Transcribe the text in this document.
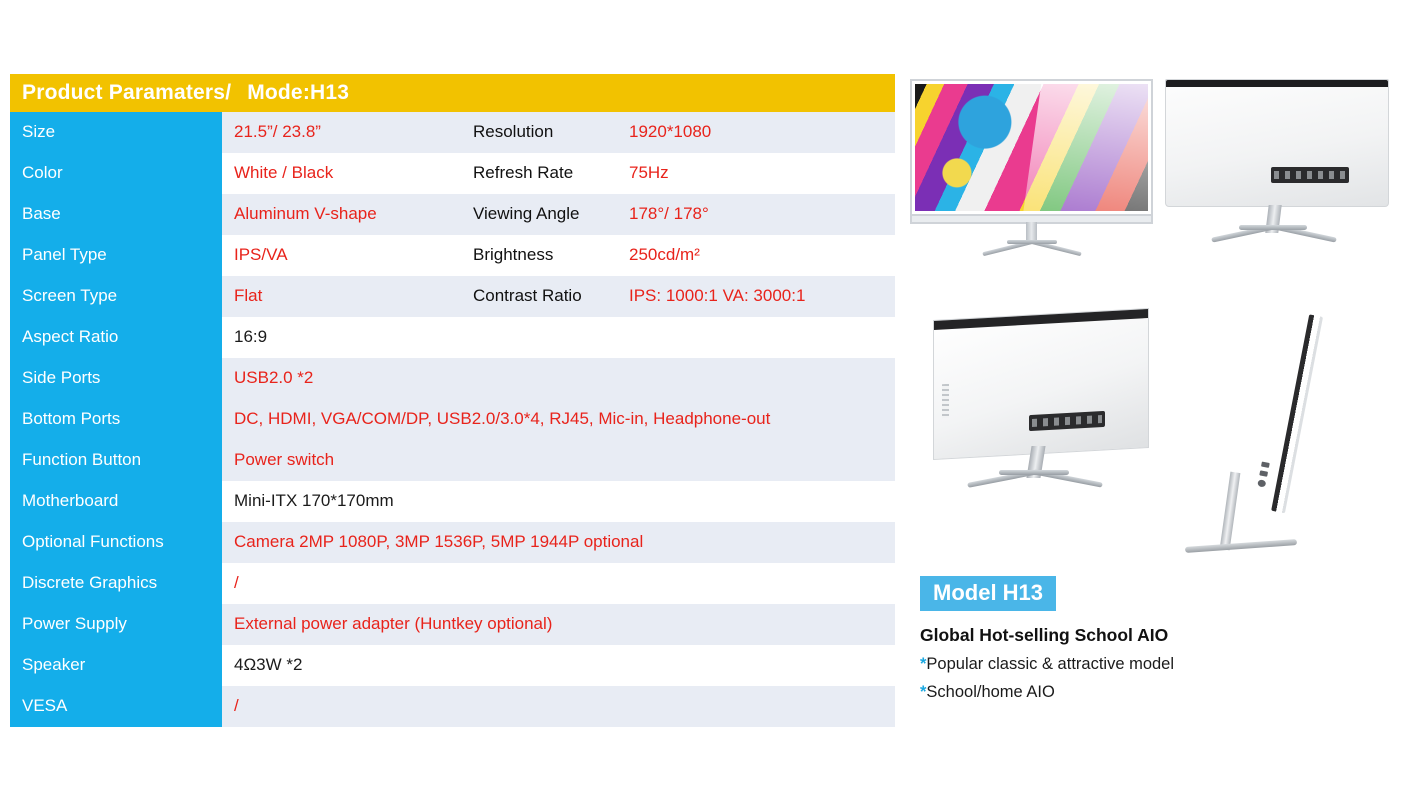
Product Paramaters / Mode:H13
Size	21.5”/ 23.8”	Resolution	1920*1080
Color	White / Black	Refresh Rate	75Hz
Base	Aluminum V-shape	Viewing Angle	178°/ 178°
Panel Type	IPS/VA	Brightness	250cd/m²
Screen Type	Flat	Contrast Ratio	IPS: 1000:1 VA: 3000:1
Aspect Ratio	16:9
Side Ports	USB2.0 *2
Bottom Ports	DC, HDMI, VGA/COM/DP, USB2.0/3.0*4, RJ45, Mic-in, Headphone-out
Function Button	Power switch
Motherboard	Mini-ITX 170*170mm
Optional Functions	Camera 2MP 1080P, 3MP 1536P, 5MP 1944P optional
Discrete Graphics	/
Power Supply	External power adapter (Huntkey optional)
Speaker	4Ω3W *2
VESA	/
Model H13
Global Hot-selling School AIO
*Popular classic & attractive model
*School/home AIO
